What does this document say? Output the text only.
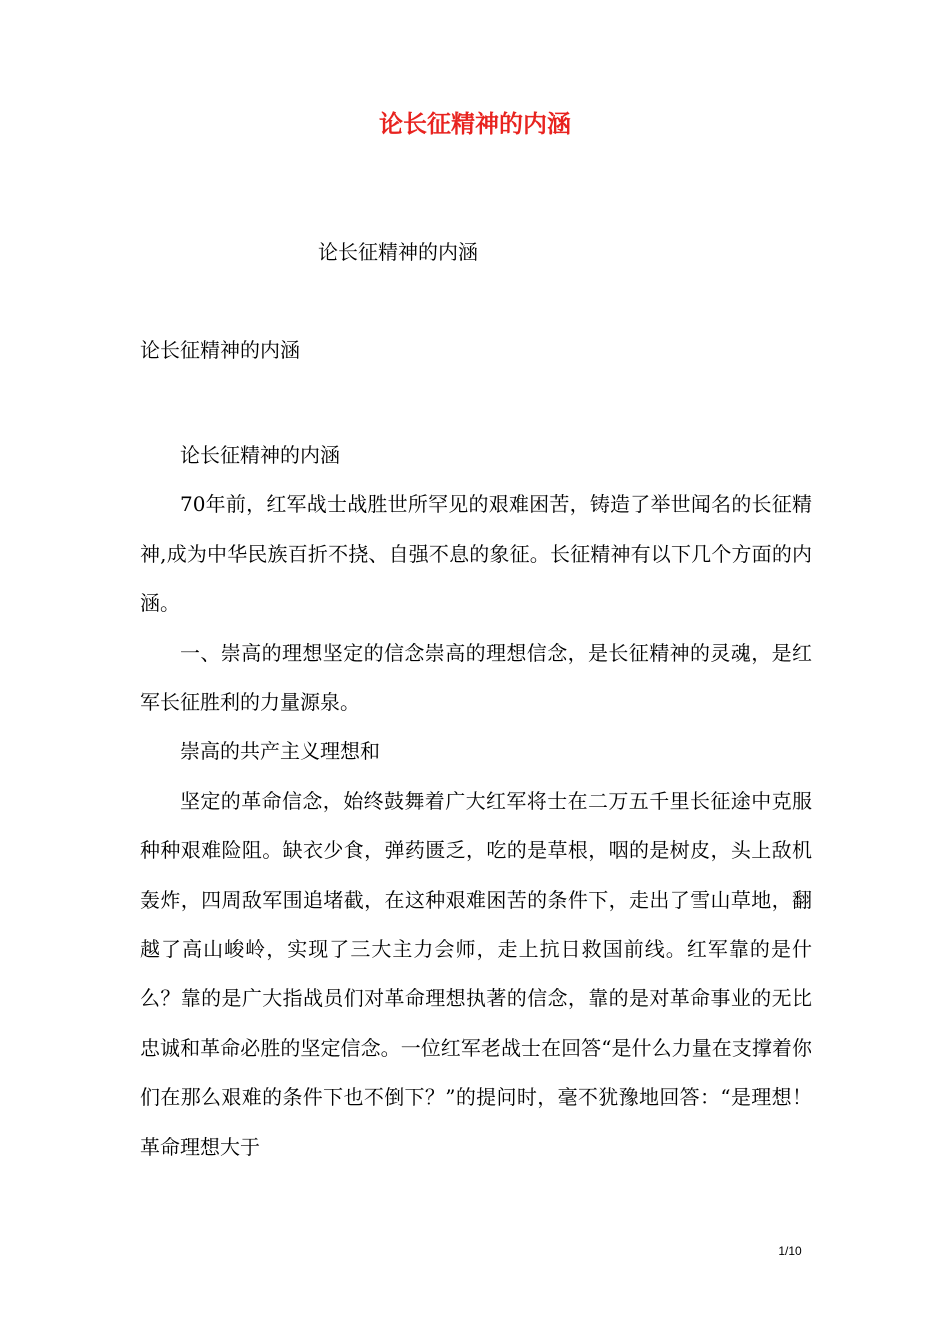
论长征精神的内涵

论长征精神的内涵

论长征精神的内涵

论长征精神的内涵

70年前，红军战士战胜世所罕见的艰难困苦，铸造了举世闻名的长征精神,成为中华民族百折不挠、自强不息的象征。长征精神有以下几个方面的内涵。

一、崇高的理想坚定的信念崇高的理想信念，是长征精神的灵魂，是红军长征胜利的力量源泉。

崇高的共产主义理想和

坚定的革命信念，始终鼓舞着广大红军将士在二万五千里长征途中克服种种艰难险阻。缺衣少食，弹药匮乏，吃的是草根，咽的是树皮，头上敌机轰炸，四周敌军围追堵截，在这种艰难困苦的条件下，走出了雪山草地，翻越了高山峻岭，实现了三大主力会师，走上抗日救国前线。红军靠的是什么？靠的是广大指战员们对革命理想执著的信念，靠的是对革命事业的无比忠诚和革命必胜的坚定信念。一位红军老战士在回答“是什么力量在支撑着你们在那么艰难的条件下也不倒下？”的提问时，毫不犹豫地回答：“是理想！革命理想大于

1/10
